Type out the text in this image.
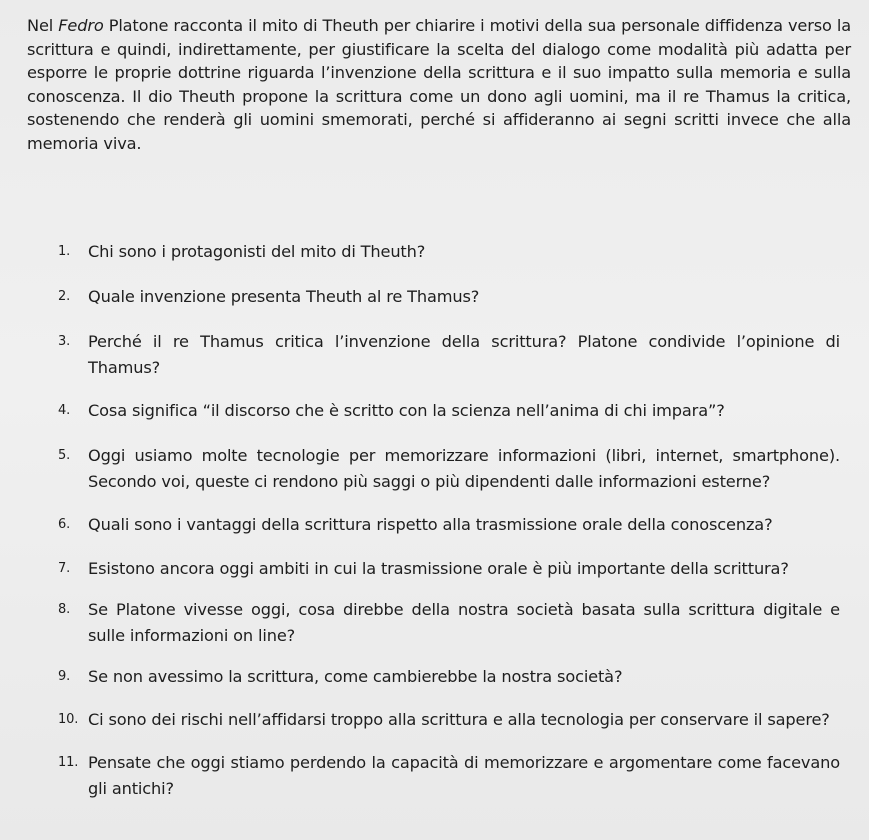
Nel Fedro Platone racconta il mito di Theuth per chiarire i motivi della sua personale diffidenza verso la scrittura e quindi, indirettamente, per giustificare la scelta del dialogo come modalità più adatta per esporre le proprie dottrine riguarda l’invenzione della scrittura e il suo impatto sulla memoria e sulla conoscenza. Il dio Theuth propone la scrittura come un dono agli uomini, ma il re Thamus la critica, sostenendo che renderà gli uomini smemorati, perché si affideranno ai segni scritti invece che alla memoria viva.

1.	Chi sono i protagonisti del mito di Theuth?
2.	Quale invenzione presenta Theuth al re Thamus?
3.	Perché il re Thamus critica l’invenzione della scrittura? Platone condivide l’opinione di Thamus?
4.	Cosa significa “il discorso che è scritto con la scienza nell’anima di chi impara”?
5.	Oggi usiamo molte tecnologie per memorizzare informazioni (libri, internet, smartphone). Secondo voi, queste ci rendono più saggi o più dipendenti dalle informazioni esterne?
6.	Quali sono i vantaggi della scrittura rispetto alla trasmissione orale della conoscenza?
7.	Esistono ancora oggi ambiti in cui la trasmissione orale è più importante della scrittura?
8.	Se Platone vivesse oggi, cosa direbbe della nostra società basata sulla scrittura digitale e sulle informazioni on line?
9.	Se non avessimo la scrittura, come cambierebbe la nostra società?
10. Ci sono dei rischi nell’affidarsi troppo alla scrittura e alla tecnologia per conservare il sapere?
11. Pensate che oggi stiamo perdendo la capacità di memorizzare e argomentare come facevano gli antichi?
